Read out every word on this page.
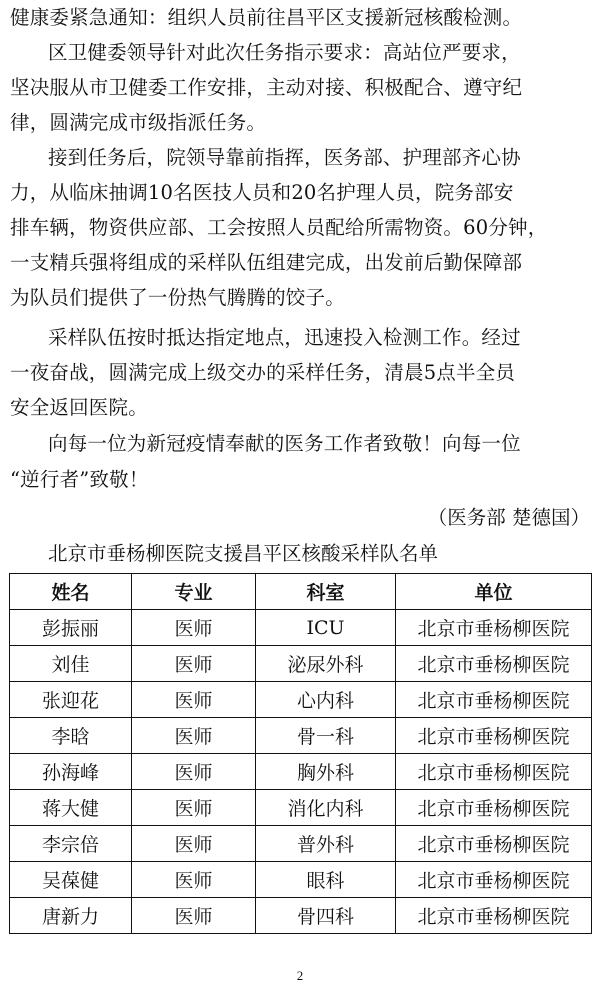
健康委紧急通知：组织人员前往昌平区支援新冠核酸检测。
区卫健委领导针对此次任务指示要求：高站位严要求，
坚决服从市卫健委工作安排，主动对接、积极配合、遵守纪
律，圆满完成市级指派任务。
接到任务后，院领导靠前指挥，医务部、护理部齐心协
力，从临床抽调10名医技人员和20名护理人员，院务部安
排车辆，物资供应部、工会按照人员配给所需物资。60分钟，
一支精兵强将组成的采样队伍组建完成，出发前后勤保障部
为队员们提供了一份热气腾腾的饺子。
采样队伍按时抵达指定地点，迅速投入检测工作。经过
一夜奋战，圆满完成上级交办的采样任务，清晨5点半全员
安全返回医院。
向每一位为新冠疫情奉献的医务工作者致敬！向每一位
“逆行者”致敬！
（医务部 楚德国）
北京市垂杨柳医院支援昌平区核酸采样队名单
姓名	专业	科室	单位
彭振丽	医师	ICU	北京市垂杨柳医院
刘佳	医师	泌尿外科	北京市垂杨柳医院
张迎花	医师	心内科	北京市垂杨柳医院
李晗	医师	骨一科	北京市垂杨柳医院
孙海峰	医师	胸外科	北京市垂杨柳医院
蒋大健	医师	消化内科	北京市垂杨柳医院
李宗倍	医师	普外科	北京市垂杨柳医院
吴葆健	医师	眼科	北京市垂杨柳医院
唐新力	医师	骨四科	北京市垂杨柳医院
2
